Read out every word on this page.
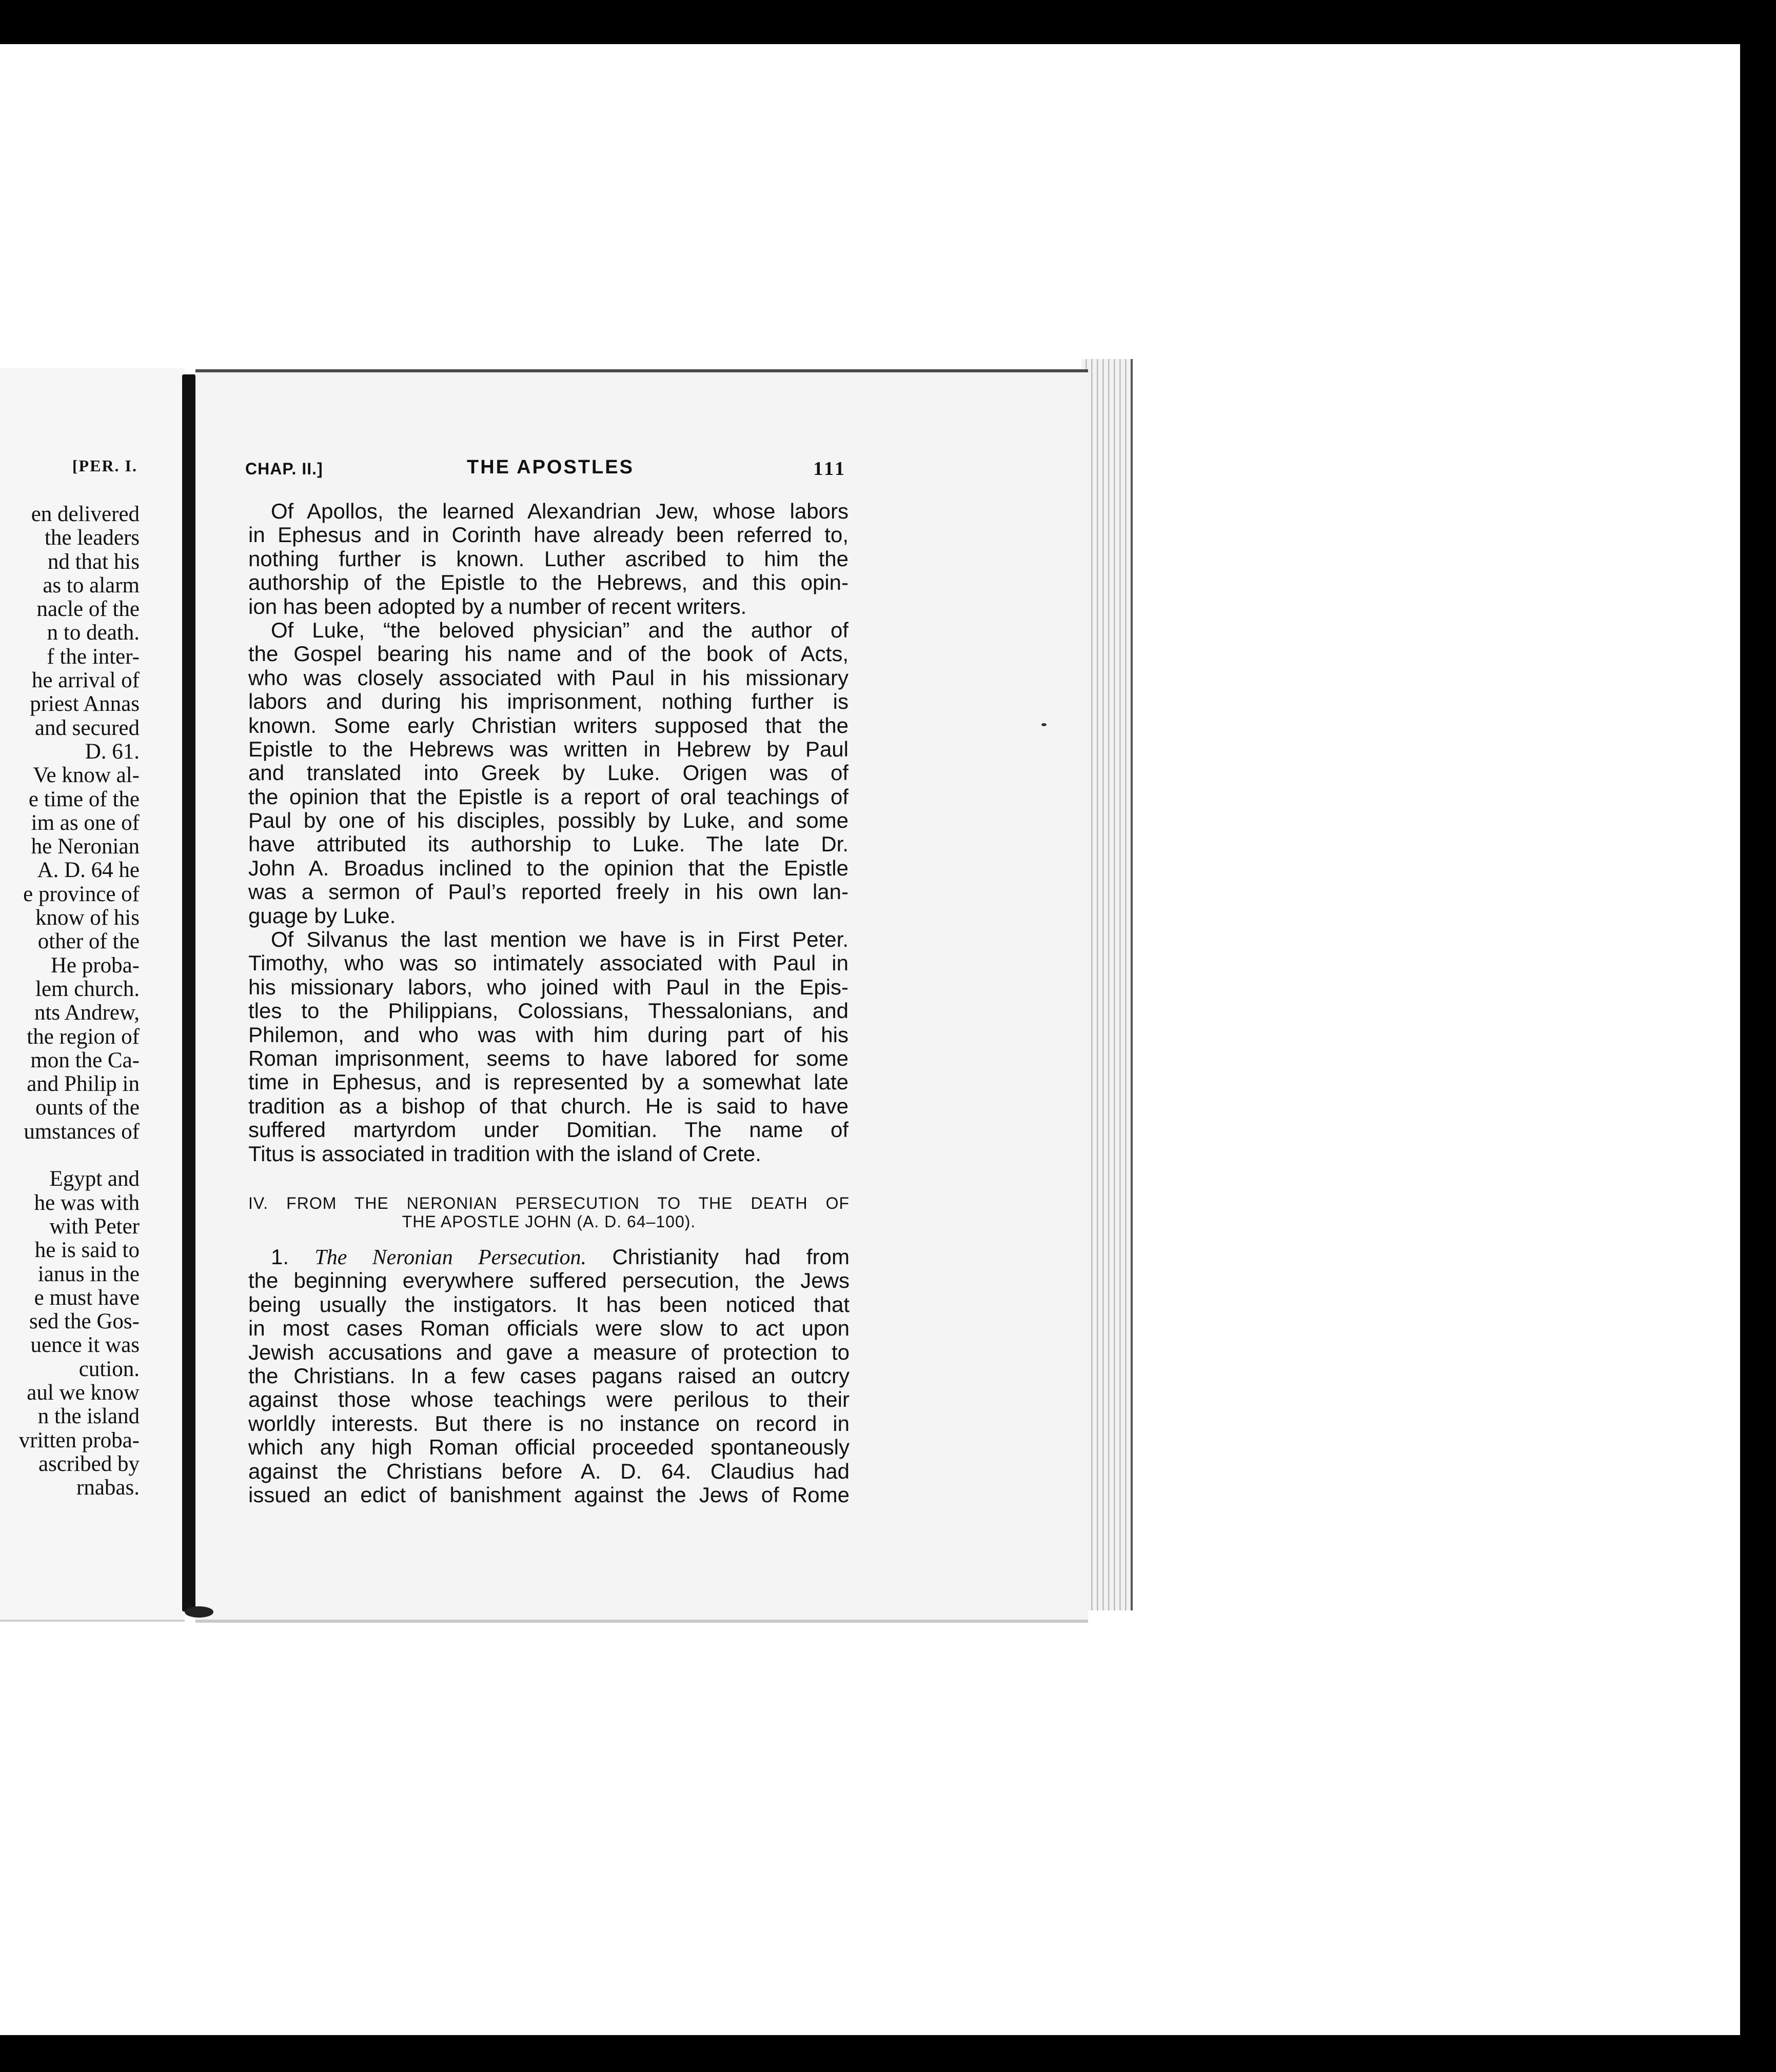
[PER. I.
en delivered
the leaders
nd that his
as to alarm
nacle of the
n to death.
f the inter-
he arrival of
priest Annas
and secured
D. 61.
Ve know al-
e time of the
im as one of
he Neronian
A. D. 64 he
e province of
know of his
other of the
He proba-
lem church.
nts Andrew,
the region of
mon the Ca-
and Philip in
ounts of the
umstances of
Egypt and
he was with
with Peter
he is said to
ianus in the
e must have
sed the Gos-
uence it was
cution.
aul we know
n the island
vritten proba-
ascribed by
rnabas.
CHAP. II.]	THE APOSTLES	111
Of Apollos, the learned Alexandrian Jew, whose labors
in Ephesus and in Corinth have already been referred to,
nothing further is known. Luther ascribed to him the
authorship of the Epistle to the Hebrews, and this opin-
ion has been adopted by a number of recent writers.
Of Luke, “the beloved physician” and the author of
the Gospel bearing his name and of the book of Acts,
who was closely associated with Paul in his missionary
labors and during his imprisonment, nothing further is
known. Some early Christian writers supposed that the
Epistle to the Hebrews was written in Hebrew by Paul
and translated into Greek by Luke. Origen was of
the opinion that the Epistle is a report of oral teachings of
Paul by one of his disciples, possibly by Luke, and some
have attributed its authorship to Luke. The late Dr.
John A. Broadus inclined to the opinion that the Epistle
was a sermon of Paul’s reported freely in his own lan-
guage by Luke.
Of Silvanus the last mention we have is in First Peter.
Timothy, who was so intimately associated with Paul in
his missionary labors, who joined with Paul in the Epis-
tles to the Philippians, Colossians, Thessalonians, and
Philemon, and who was with him during part of his
Roman imprisonment, seems to have labored for some
time in Ephesus, and is represented by a somewhat late
tradition as a bishop of that church. He is said to have
suffered martyrdom under Domitian. The name of
Titus is associated in tradition with the island of Crete.
IV. FROM THE NERONIAN PERSECUTION TO THE DEATH OF
THE APOSTLE JOHN (A. D. 64–100).
1. The Neronian Persecution. Christianity had from
the beginning everywhere suffered persecution, the Jews
being usually the instigators. It has been noticed that
in most cases Roman officials were slow to act upon
Jewish accusations and gave a measure of protection to
the Christians. In a few cases pagans raised an outcry
against those whose teachings were perilous to their
worldly interests. But there is no instance on record in
which any high Roman official proceeded spontaneously
against the Christians before A. D. 64. Claudius had
issued an edict of banishment against the Jews of Rome
